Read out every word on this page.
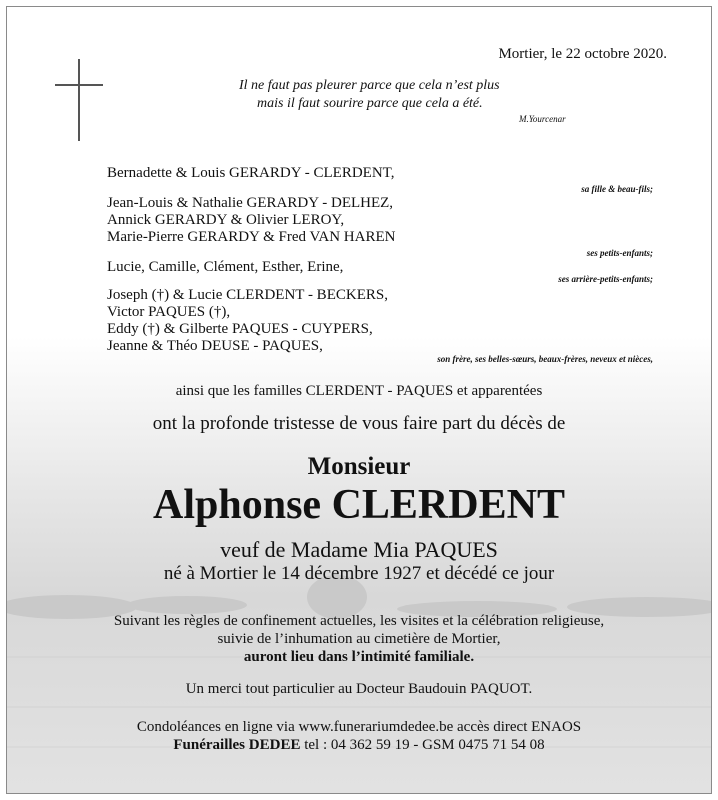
Mortier, le 22 octobre 2020.
Il ne faut pas pleurer parce que cela n’est plus
mais il faut sourire parce que cela a été.
M.Yourcenar
Bernadette & Louis GERARDY - CLERDENT,
sa fille & beau-fils;
Jean-Louis & Nathalie GERARDY - DELHEZ,
Annick GERARDY & Olivier LEROY,
Marie-Pierre GERARDY & Fred VAN HAREN
ses petits-enfants;
Lucie, Camille, Clément, Esther, Erine,
ses arrière-petits-enfants;
Joseph (†) & Lucie CLERDENT - BECKERS,
Victor PAQUES (†),
Eddy (†) & Gilberte PAQUES - CUYPERS,
Jeanne & Théo DEUSE - PAQUES,
son frère, ses belles-sœurs, beaux-frères, neveux et nièces,
ainsi que les familles CLERDENT - PAQUES et apparentées
ont la profonde tristesse de vous faire part du décès de
Monsieur
Alphonse CLERDENT
veuf de Madame Mia PAQUES
né à Mortier le 14 décembre 1927 et décédé ce jour
Suivant les règles de confinement actuelles, les visites et la célébration religieuse,
suivie de l’inhumation au cimetière de Mortier,
auront lieu dans l’intimité familiale.
Un merci tout particulier au Docteur Baudouin PAQUOT.
Condoléances en ligne via www.funerariumdedee.be accès direct ENAOS
Funérailles DEDEE tel : 04 362 59 19 - GSM 0475 71 54 08
